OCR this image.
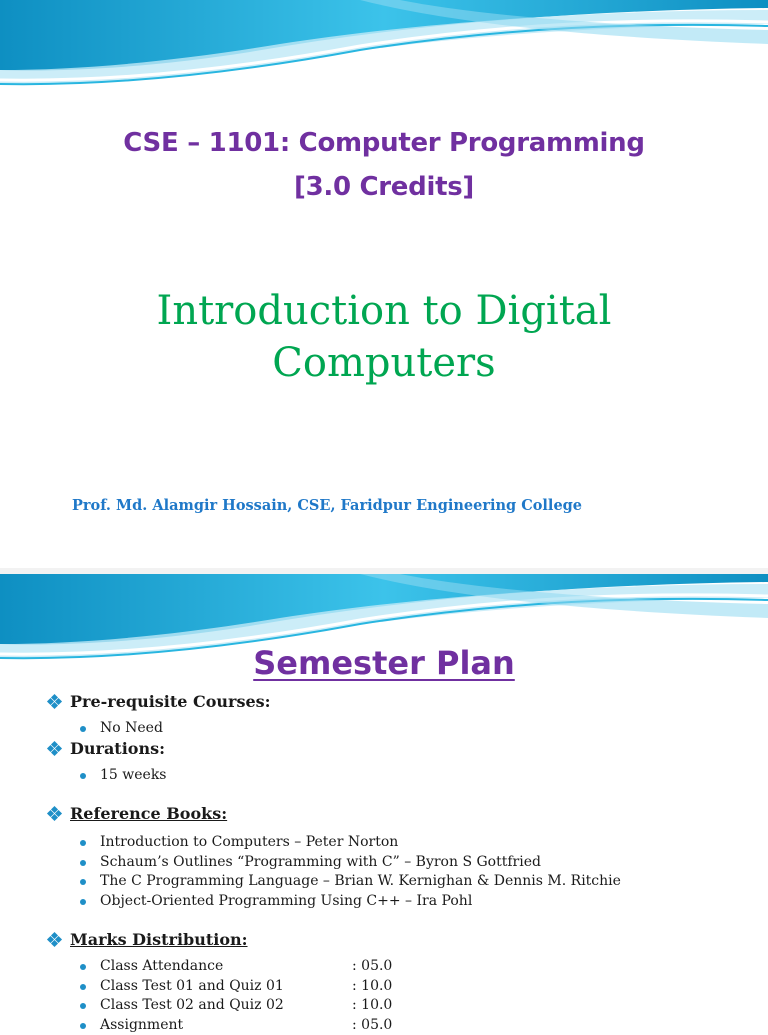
CSE – 1101: Computer Programming
[3.0 Credits]
Introduction to Digital
Computers
Prof. Md. Alamgir Hossain, CSE, Faridpur Engineering College
Semester Plan
Pre-requisite Courses:
No Need
Durations:
15 weeks
Reference Books:
Introduction to Computers – Peter Norton
Schaum’s Outlines “Programming with C” – Byron S Gottfried
The C Programming Language – Brian W. Kernighan & Dennis M. Ritchie
Object-Oriented Programming Using C++ – Ira Pohl
Marks Distribution:
Class Attendance	: 05.0
Class Test 01 and Quiz 01	: 10.0
Class Test 02 and Quiz 02	: 10.0
Assignment	: 05.0
